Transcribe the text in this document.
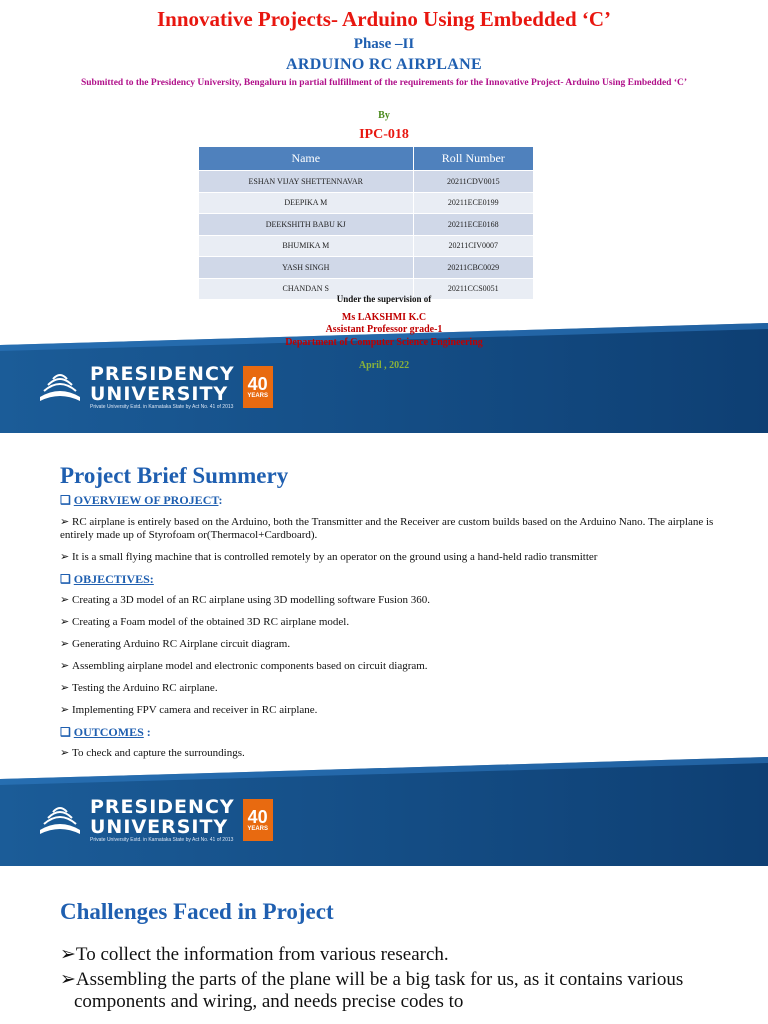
Innovative Projects- Arduino Using Embedded ‘C’
Phase –II
ARDUINO RC AIRPLANE
Submitted to the Presidency University, Bengaluru in partial fulfillment of the requirements for the Innovative Project- Arduino Using Embedded ‘C’
By
IPC-018
Name	Roll Number
ESHAN VIJAY SHETTENNAVAR	20211CDV0015
DEEPIKA M	20211ECE0199
DEEKSHITH BABU KJ	20211ECE0168
BHUMIKA M	20211CIV0007
YASH SINGH	20211CBC0029
CHANDAN S	20211CCS0051
Under the supervision of
Ms LAKSHMI K.C
Assistant Professor grade-1
Department of Computer Science Engineering
April , 2022
PRESIDENCY
UNIVERSITY
Private University Estd. in Karnataka State by Act No. 41 of 2013
40
YEARS
Project Brief Summery
❑ OVERVIEW OF PROJECT:
➢ RC airplane is entirely based on the Arduino, both the Transmitter and the Receiver are custom builds based on the Arduino Nano. The airplane is entirely made up of Styrofoam or(Thermacol+Cardboard).
➢ It is a small flying machine that is controlled remotely by an operator on the ground using a hand-held radio transmitter
❑ OBJECTIVES:
➢ Creating a 3D model of an RC airplane using 3D modelling software Fusion 360.
➢ Creating a Foam model of the obtained 3D RC airplane model.
➢ Generating Arduino RC Airplane circuit diagram.
➢ Assembling airplane model and electronic components based on circuit diagram.
➢ Testing the Arduino RC airplane.
➢ Implementing FPV camera and receiver in RC airplane.
❑ OUTCOMES :
➢ To check and capture the surroundings.
PRESIDENCY
UNIVERSITY
Private University Estd. in Karnataka State by Act No. 41 of 2013
40
YEARS
Challenges Faced in Project
➢To collect the information from various research.
➢Assembling the parts of the plane will be a big task for us, as it contains various components and wiring, and needs precise codes to
